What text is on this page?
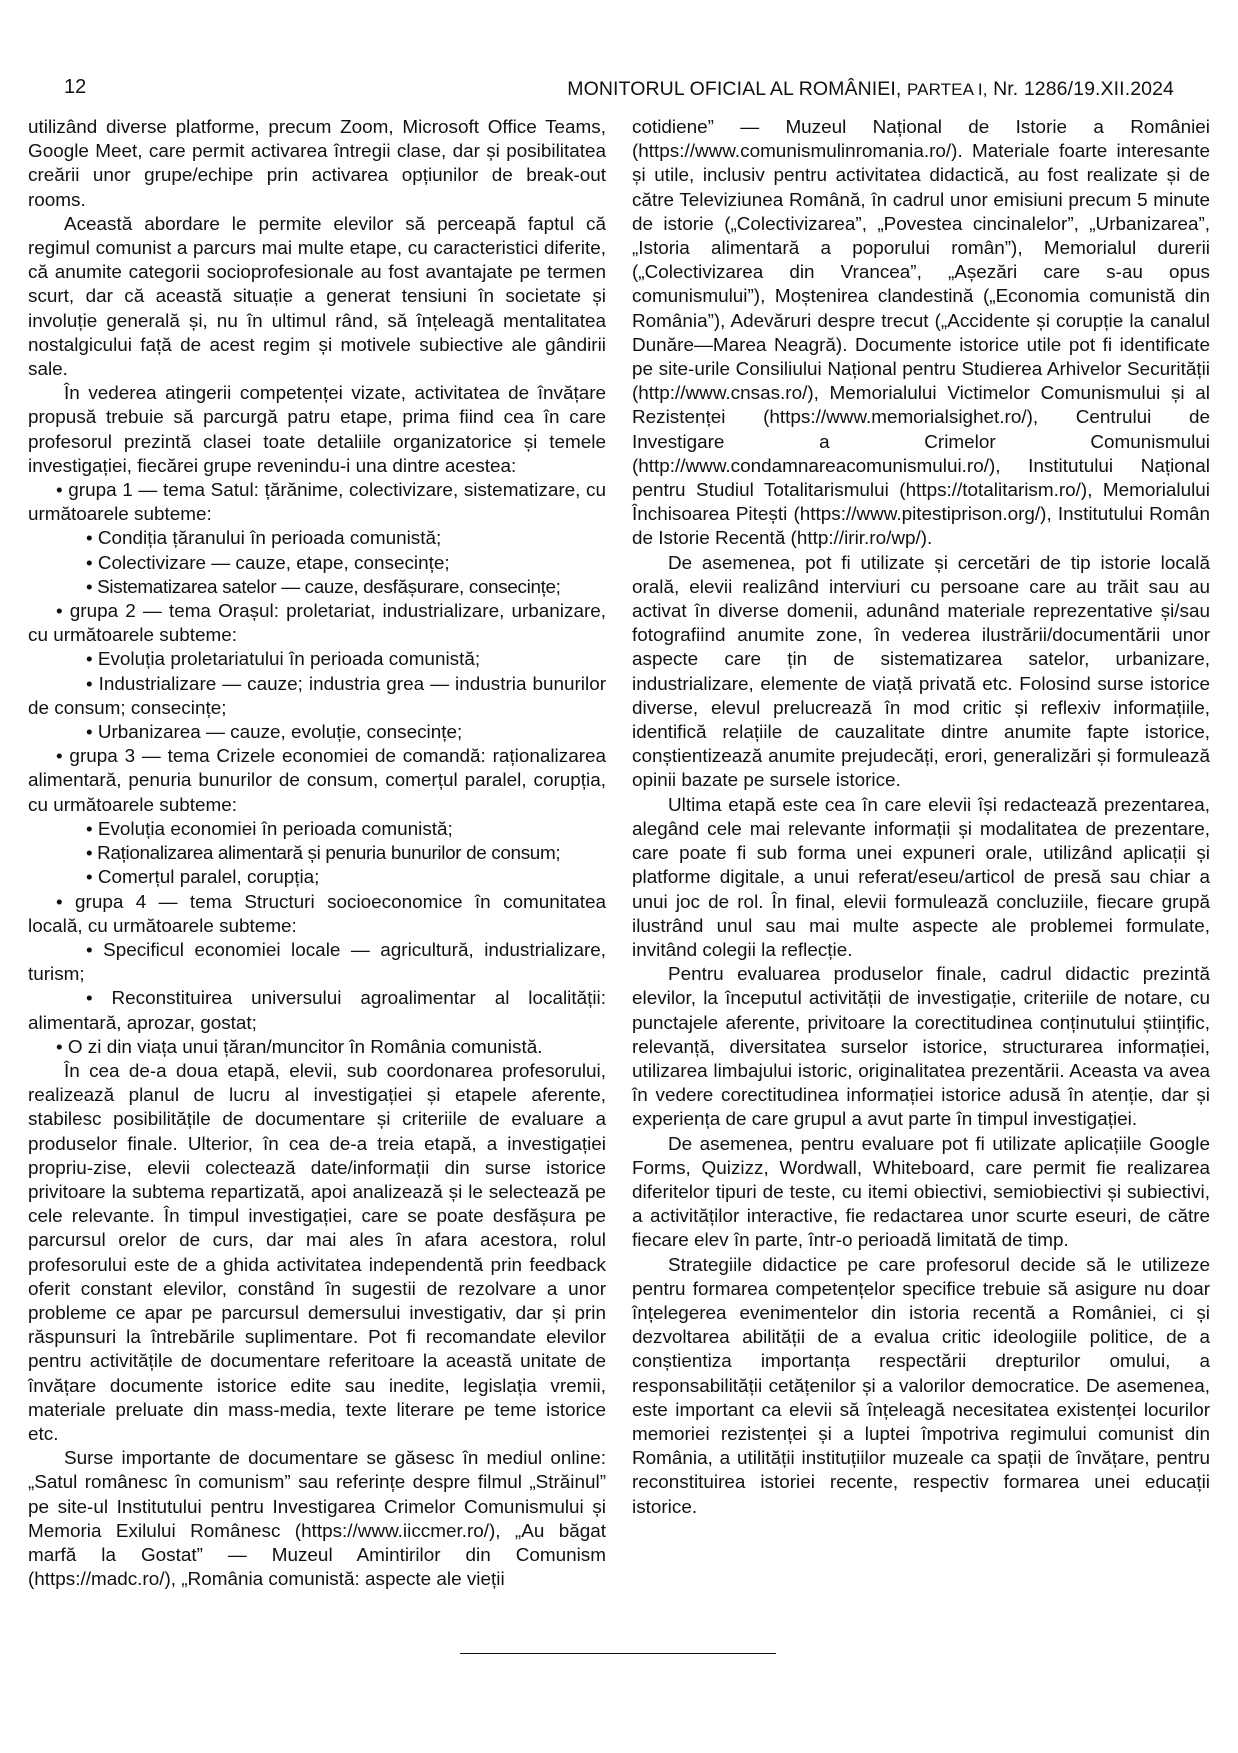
12	MONITORUL OFICIAL AL ROMÂNIEI, PARTEA I, Nr. 1286/19.XII.2024

utilizând diverse platforme, precum Zoom, Microsoft Office Teams, Google Meet, care permit activarea întregii clase, dar și posibilitatea creării unor grupe/echipe prin activarea opțiunilor de break-out rooms.

Această abordare le permite elevilor să perceapă faptul că regimul comunist a parcurs mai multe etape, cu caracteristici diferite, că anumite categorii socioprofesionale au fost avantajate pe termen scurt, dar că această situație a generat tensiuni în societate și involuție generală și, nu în ultimul rând, să înțeleagă mentalitatea nostalgicului față de acest regim și motivele subiective ale gândirii sale.

În vederea atingerii competenței vizate, activitatea de învățare propusă trebuie să parcurgă patru etape, prima fiind cea în care profesorul prezintă clasei toate detaliile organizatorice și temele investigației, fiecărei grupe revenindu-i una dintre acestea:

• grupa 1 — tema Satul: țărănime, colectivizare, sistematizare, cu următoarele subteme:

• Condiția țăranului în perioada comunistă;

• Colectivizare — cauze, etape, consecințe;

• Sistematizarea satelor — cauze, desfășurare, consecințe;

• grupa 2 — tema Orașul: proletariat, industrializare, urbanizare, cu următoarele subteme:

• Evoluția proletariatului în perioada comunistă;

• Industrializare — cauze; industria grea — industria bunurilor de consum; consecințe;

• Urbanizarea — cauze, evoluție, consecințe;

• grupa 3 — tema Crizele economiei de comandă: raționalizarea alimentară, penuria bunurilor de consum, comerțul paralel, corupția, cu următoarele subteme:

• Evoluția economiei în perioada comunistă;

• Raționalizarea alimentară și penuria bunurilor de consum;

• Comerțul paralel, corupția;

• grupa 4 — tema Structuri socioeconomice în comunitatea locală, cu următoarele subteme:

• Specificul economiei locale — agricultură, industrializare, turism;

• Reconstituirea universului agroalimentar al localității: alimentară, aprozar, gostat;

• O zi din viața unui țăran/muncitor în România comunistă.

În cea de-a doua etapă, elevii, sub coordonarea profesorului, realizează planul de lucru al investigației și etapele aferente, stabilesc posibilitățile de documentare și criteriile de evaluare a produselor finale. Ulterior, în cea de-a treia etapă, a investigației propriu-zise, elevii colectează date/informații din surse istorice privitoare la subtema repartizată, apoi analizează și le selectează pe cele relevante. În timpul investigației, care se poate desfășura pe parcursul orelor de curs, dar mai ales în afara acestora, rolul profesorului este de a ghida activitatea independentă prin feedback oferit constant elevilor, constând în sugestii de rezolvare a unor probleme ce apar pe parcursul demersului investigativ, dar și prin răspunsuri la întrebările suplimentare. Pot fi recomandate elevilor pentru activitățile de documentare referitoare la această unitate de învățare documente istorice edite sau inedite, legislația vremii, materiale preluate din mass-media, texte literare pe teme istorice etc.

Surse importante de documentare se găsesc în mediul online: „Satul românesc în comunism” sau referințe despre filmul „Străinul” pe site-ul Institutului pentru Investigarea Crimelor Comunismului și Memoria Exilului Românesc (https://www.iiccmer.ro/), „Au băgat marfă la Gostat” — Muzeul Amintirilor din Comunism (https://madc.ro/), „România comunistă: aspecte ale vieții

cotidiene” — Muzeul Național de Istorie a României (https://www.comunismulinromania.ro/). Materiale foarte interesante și utile, inclusiv pentru activitatea didactică, au fost realizate și de către Televiziunea Română, în cadrul unor emisiuni precum 5 minute de istorie („Colectivizarea”, „Povestea cincinalelor”, „Urbanizarea”, „Istoria alimentară a poporului român”), Memorialul durerii („Colectivizarea din Vrancea”, „Așezări care s-au opus comunismului”), Moștenirea clandestină („Economia comunistă din România”), Adevăruri despre trecut („Accidente și corupție la canalul Dunăre—Marea Neagră). Documente istorice utile pot fi identificate pe site-urile Consiliului Național pentru Studierea Arhivelor Securității (http://www.cnsas.ro/), Memorialului Victimelor Comunismului și al Rezistenței (https://www.memorialsighet.ro/), Centrului de Investigare a Crimelor Comunismului (http://www.condamnareacomunismului.ro/), Institutului Național pentru Studiul Totalitarismului (https://totalitarism.ro/), Memorialului Închisoarea Pitești (https://www.pitestiprison.org/), Institutului Român de Istorie Recentă (http://irir.ro/wp/).

De asemenea, pot fi utilizate și cercetări de tip istorie locală orală, elevii realizând interviuri cu persoane care au trăit sau au activat în diverse domenii, adunând materiale reprezentative și/sau fotografiind anumite zone, în vederea ilustrării/documentării unor aspecte care țin de sistematizarea satelor, urbanizare, industrializare, elemente de viață privată etc. Folosind surse istorice diverse, elevul prelucrează în mod critic și reflexiv informațiile, identifică relațiile de cauzalitate dintre anumite fapte istorice, conștientizează anumite prejudecăți, erori, generalizări și formulează opinii bazate pe sursele istorice.

Ultima etapă este cea în care elevii își redactează prezentarea, alegând cele mai relevante informații și modalitatea de prezentare, care poate fi sub forma unei expuneri orale, utilizând aplicații și platforme digitale, a unui referat/eseu/articol de presă sau chiar a unui joc de rol. În final, elevii formulează concluziile, fiecare grupă ilustrând unul sau mai multe aspecte ale problemei formulate, invitând colegii la reflecție.

Pentru evaluarea produselor finale, cadrul didactic prezintă elevilor, la începutul activității de investigație, criteriile de notare, cu punctajele aferente, privitoare la corectitudinea conținutului științific, relevanță, diversitatea surselor istorice, structurarea informației, utilizarea limbajului istoric, originalitatea prezentării. Aceasta va avea în vedere corectitudinea informației istorice adusă în atenție, dar și experiența de care grupul a avut parte în timpul investigației.

De asemenea, pentru evaluare pot fi utilizate aplicațiile Google Forms, Quizizz, Wordwall, Whiteboard, care permit fie realizarea diferitelor tipuri de teste, cu itemi obiectivi, semiobiectivi și subiectivi, a activităților interactive, fie redactarea unor scurte eseuri, de către fiecare elev în parte, într-o perioadă limitată de timp.

Strategiile didactice pe care profesorul decide să le utilizeze pentru formarea competențelor specifice trebuie să asigure nu doar înțelegerea evenimentelor din istoria recentă a României, ci și dezvoltarea abilității de a evalua critic ideologiile politice, de a conștientiza importanța respectării drepturilor omului, a responsabilității cetățenilor și a valorilor democratice. De asemenea, este important ca elevii să înțeleagă necesitatea existenței locurilor memoriei rezistenței și a luptei împotriva regimului comunist din România, a utilității instituțiilor muzeale ca spații de învățare, pentru reconstituirea istoriei recente, respectiv formarea unei educații istorice.
